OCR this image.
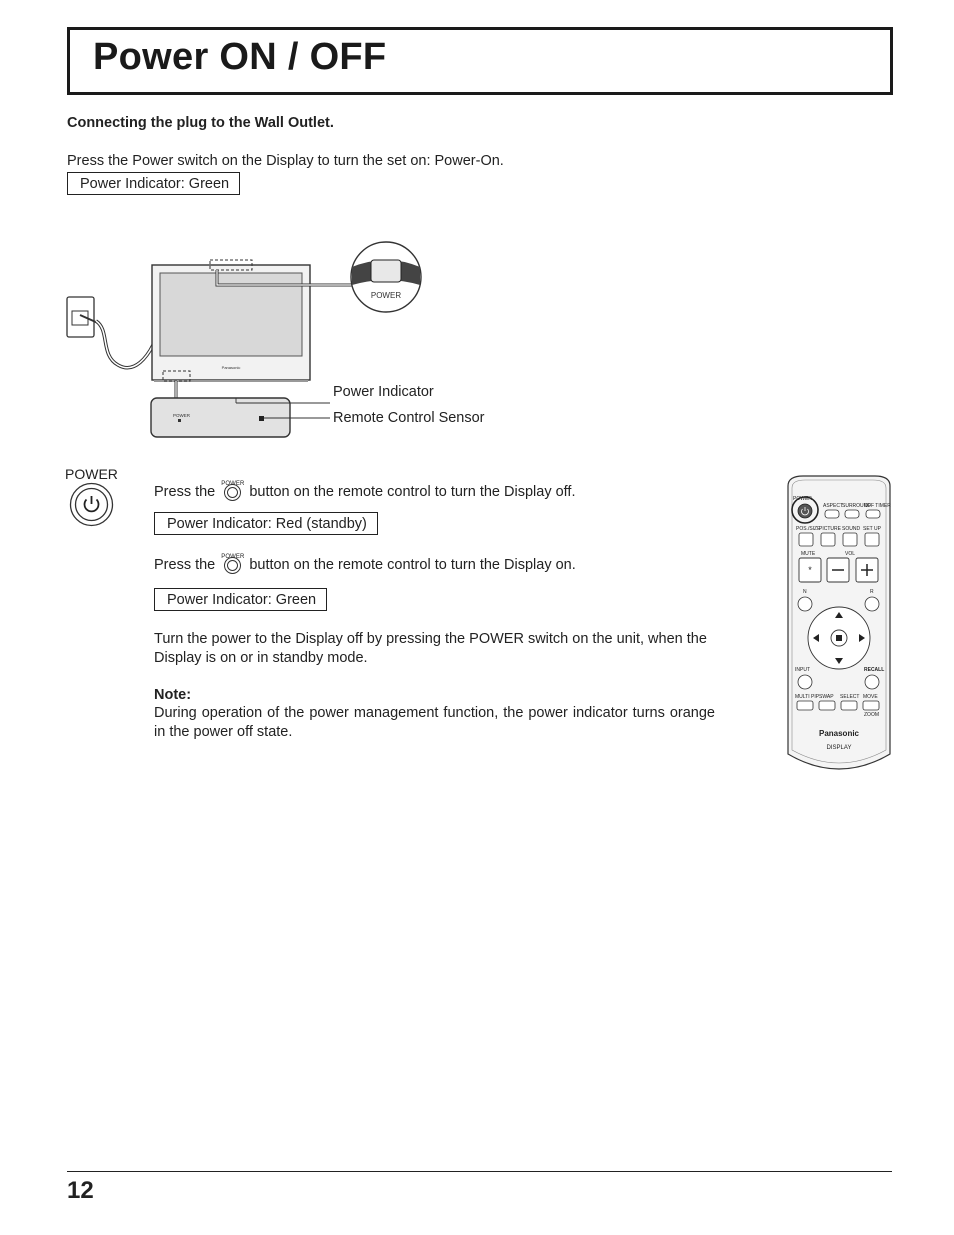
Power ON / OFF
Connecting the plug to the Wall Outlet.
Press the Power switch on the Display to turn the set on: Power-On.
Power Indicator: Green
Panasonic
POWER
POWER
Power Indicator
Remote Control Sensor
POWER
Press the POWER button on the remote control to turn the Display off.
Power Indicator: Red (standby)
Press the POWER button on the remote control to turn the Display on.
Power Indicator: Green
Turn the power to the Display off by pressing the POWER switch on the unit, when the Display is on or in standby mode.
Note:
During operation of the power management function, the power indicator turns orange in the power off state.
POWER
ASPECT
SURROUND
OFF TIMER
POS./SIZE
PICTURE SOUND SET UP
MUTE	VOL
*
N	R
INPUT	RECALL
MULTI PIP SWAP SELECT MOVE
ZOOM
Panasonic
DISPLAY
12
